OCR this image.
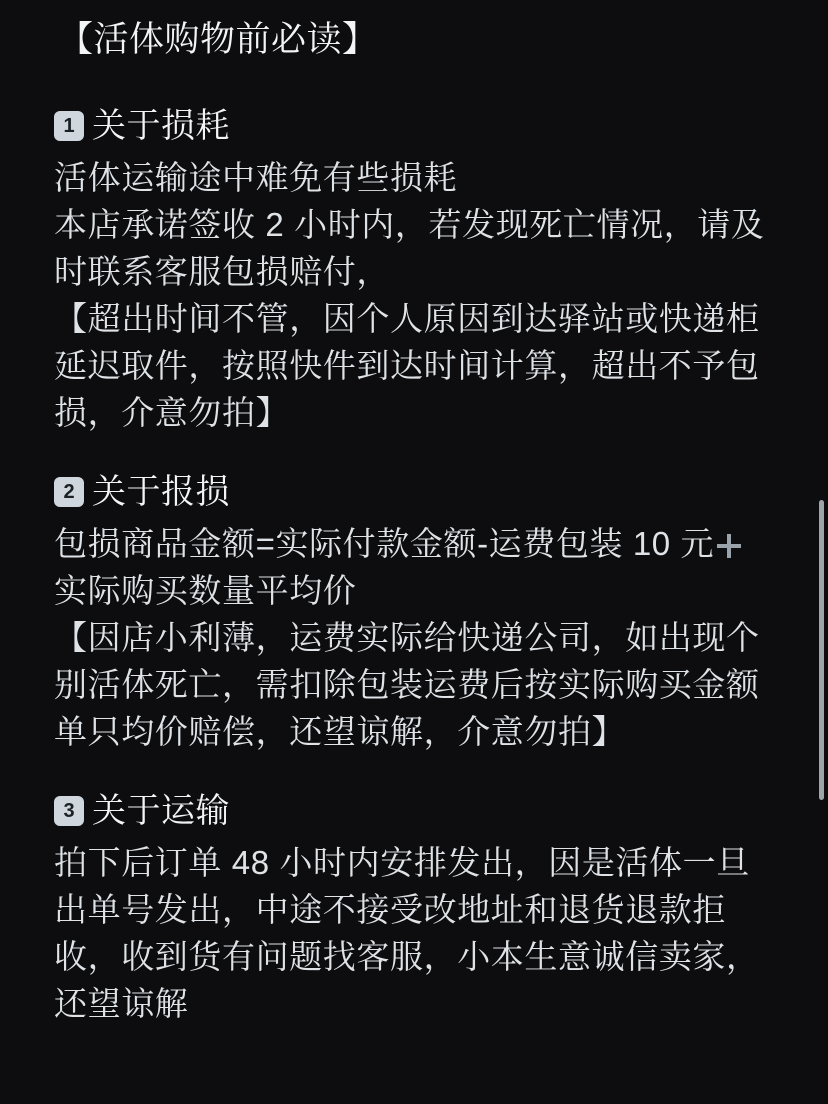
【活体购物前必读】
1 关于损耗

活体运输途中难免有些损耗

本店承诺签收 2 小时内，若发现死亡情况，请及时联系客服包损赔付，

【超出时间不管，因个人原因到达驿站或快递柜延迟取件，按照快件到达时间计算，超出不予包损，介意勿拍】

2 关于报损

包损商品金额=实际付款金额-运费包装 10 元

实际购买数量平均价

【因店小利薄，运费实际给快递公司，如出现个别活体死亡，需扣除包装运费后按实际购买金额单只均价赔偿，还望谅解，介意勿拍】

3 关于运输

拍下后订单 48 小时内安排发出，因是活体一旦出单号发出，中途不接受改地址和退货退款拒收，收到货有问题找客服，小本生意诚信卖家，还望谅解
